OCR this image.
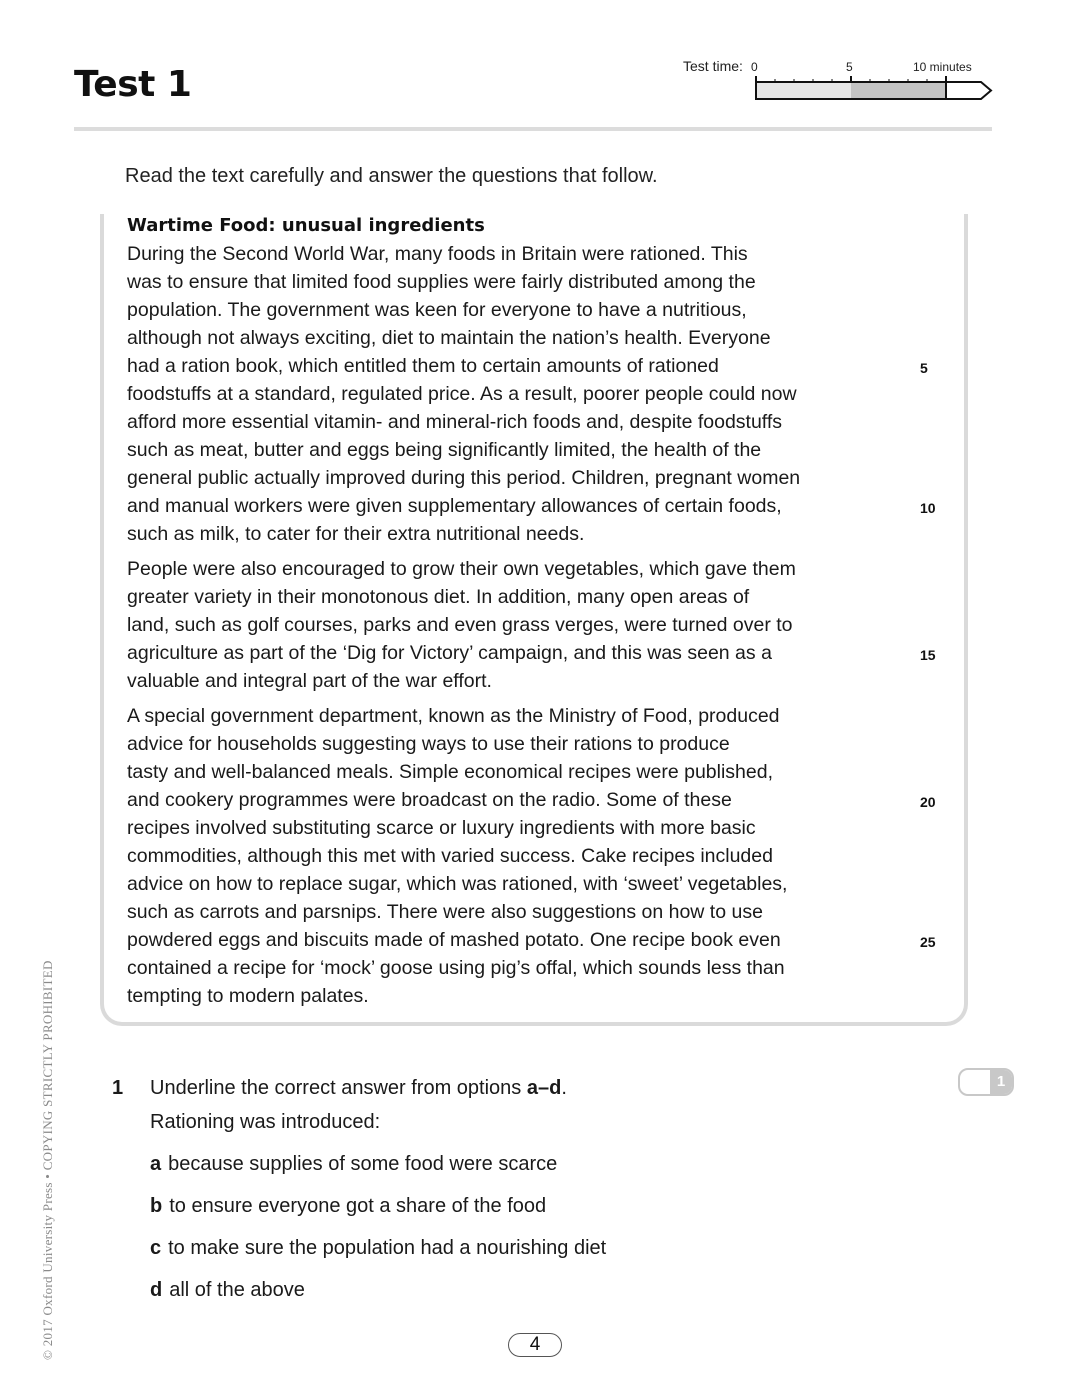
Test 1	Test time: 0	5	10 minutes

Read the text carefully and answer the questions that follow.

Wartime Food: unusual ingredients
During the Second World War, many foods in Britain were rationed. This
was to ensure that limited food supplies were fairly distributed among the
population. The government was keen for everyone to have a nutritious,
although not always exciting, diet to maintain the nation’s health. Everyone
had a ration book, which entitled them to certain amounts of rationed
foodstuffs at a standard, regulated price. As a result, poorer people could now
afford more essential vitamin- and mineral-rich foods and, despite foodstuffs
such as meat, butter and eggs being significantly limited, the health of the
general public actually improved during this period. Children, pregnant women
and manual workers were given supplementary allowances of certain foods,
such as milk, to cater for their extra nutritional needs.
People were also encouraged to grow their own vegetables, which gave them
greater variety in their monotonous diet. In addition, many open areas of
land, such as golf courses, parks and even grass verges, were turned over to
agriculture as part of the ‘Dig for Victory’ campaign, and this was seen as a
valuable and integral part of the war effort.
A special government department, known as the Ministry of Food, produced
advice for households suggesting ways to use their rations to produce
tasty and well-balanced meals. Simple economical recipes were published,
and cookery programmes were broadcast on the radio. Some of these
recipes involved substituting scarce or luxury ingredients with more basic
commodities, although this met with varied success. Cake recipes included
advice on how to replace sugar, which was rationed, with ‘sweet’ vegetables,
such as carrots and parsnips. There were also suggestions on how to use
powdered eggs and biscuits made of mashed potato. One recipe book even
contained a recipe for ‘mock’ goose using pig’s offal, which sounds less than
tempting to modern palates.
5
10
15
20
25
1 Underline the correct answer from options a–d.
Rationing was introduced:
a because supplies of some food were scarce
b to ensure everyone got a share of the food
c to make sure the population had a nourishing diet
d all of the above
1
© 2017 Oxford University Press • COPYING STRICTLY PROHIBITED	4
